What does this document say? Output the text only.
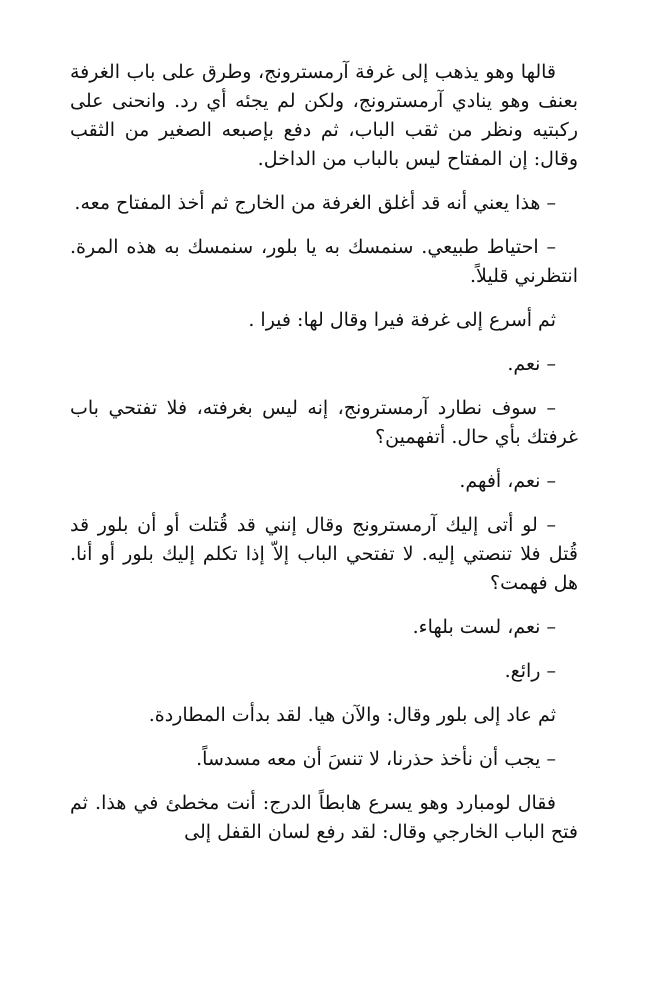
قالها وهو يذهب إلى غرفة آرمسترونج، وطرق على باب الغرفة بعنف وهو ينادي آرمسترونج، ولكن لم يجئه أي رد. وانحنى على ركبتيه ونظر من ثقب الباب، ثم دفع بإصبعه الصغير من الثقب وقال: إن المفتاح ليس بالباب من الداخل.

– هذا يعني أنه قد أغلق الغرفة من الخارج ثم أخذ المفتاح معه.

– احتياط طبيعي. سنمسك به يا بلور، سنمسك به هذه المرة. انتظرني قليلاً.

ثم أسرع إلى غرفة فيرا وقال لها: فيرا .

– نعم.

– سوف نطارد آرمسترونج، إنه ليس بغرفته، فلا تفتحي باب غرفتك بأي حال. أتفهمين؟

– نعم، أفهم.

– لو أتى إليك آرمسترونج وقال إنني قد قُتلت أو أن بلور قد قُتل فلا تنصتي إليه. لا تفتحي الباب إلاّ إذا تكلم إليك بلور أو أنا. هل فهمت؟

– نعم، لست بلهاء.

– رائع.

ثم عاد إلى بلور وقال: والآن هيا. لقد بدأت المطاردة.

– يجب أن نأخذ حذرنا، لا تنسَ أن معه مسدساً.

فقال لومبارد وهو يسرع هابطاً الدرج: أنت مخطئ في هذا. ثم فتح الباب الخارجي وقال: لقد رفع لسان القفل إلى
